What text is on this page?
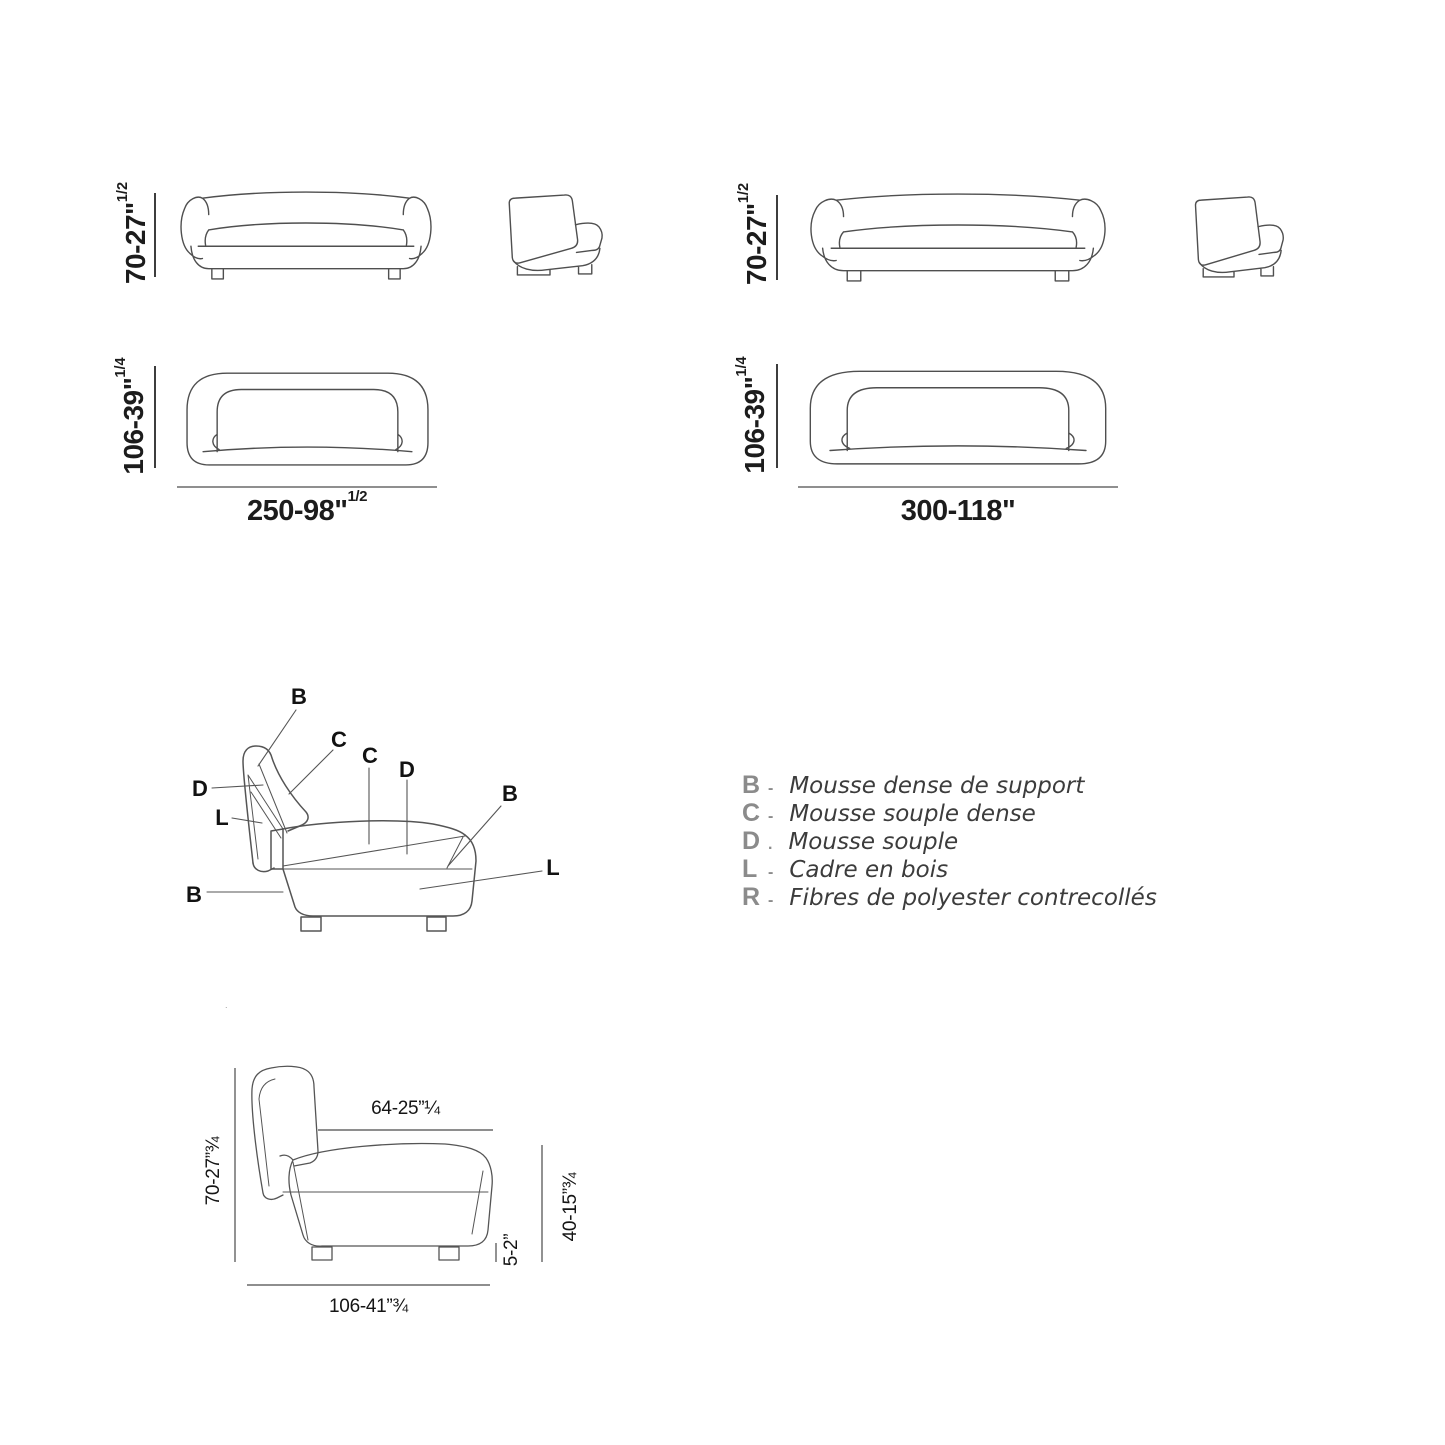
70-27"$^{1/2}$
106-39"$^{1/4}$
250-98"$^{1/2}$
70-27"$^{1/2}$
106-39"$^{1/4}$
300-118"
B
C
C
D
D
L
B
L
B
B - Mousse dense de support
C - Mousse souple dense
D . Mousse souple
L - Cadre en bois
R - Fibres de polyester contrecollés
64-25”¼
70-27”¾
40-15”¾
5-2”
106-41”¾
.
